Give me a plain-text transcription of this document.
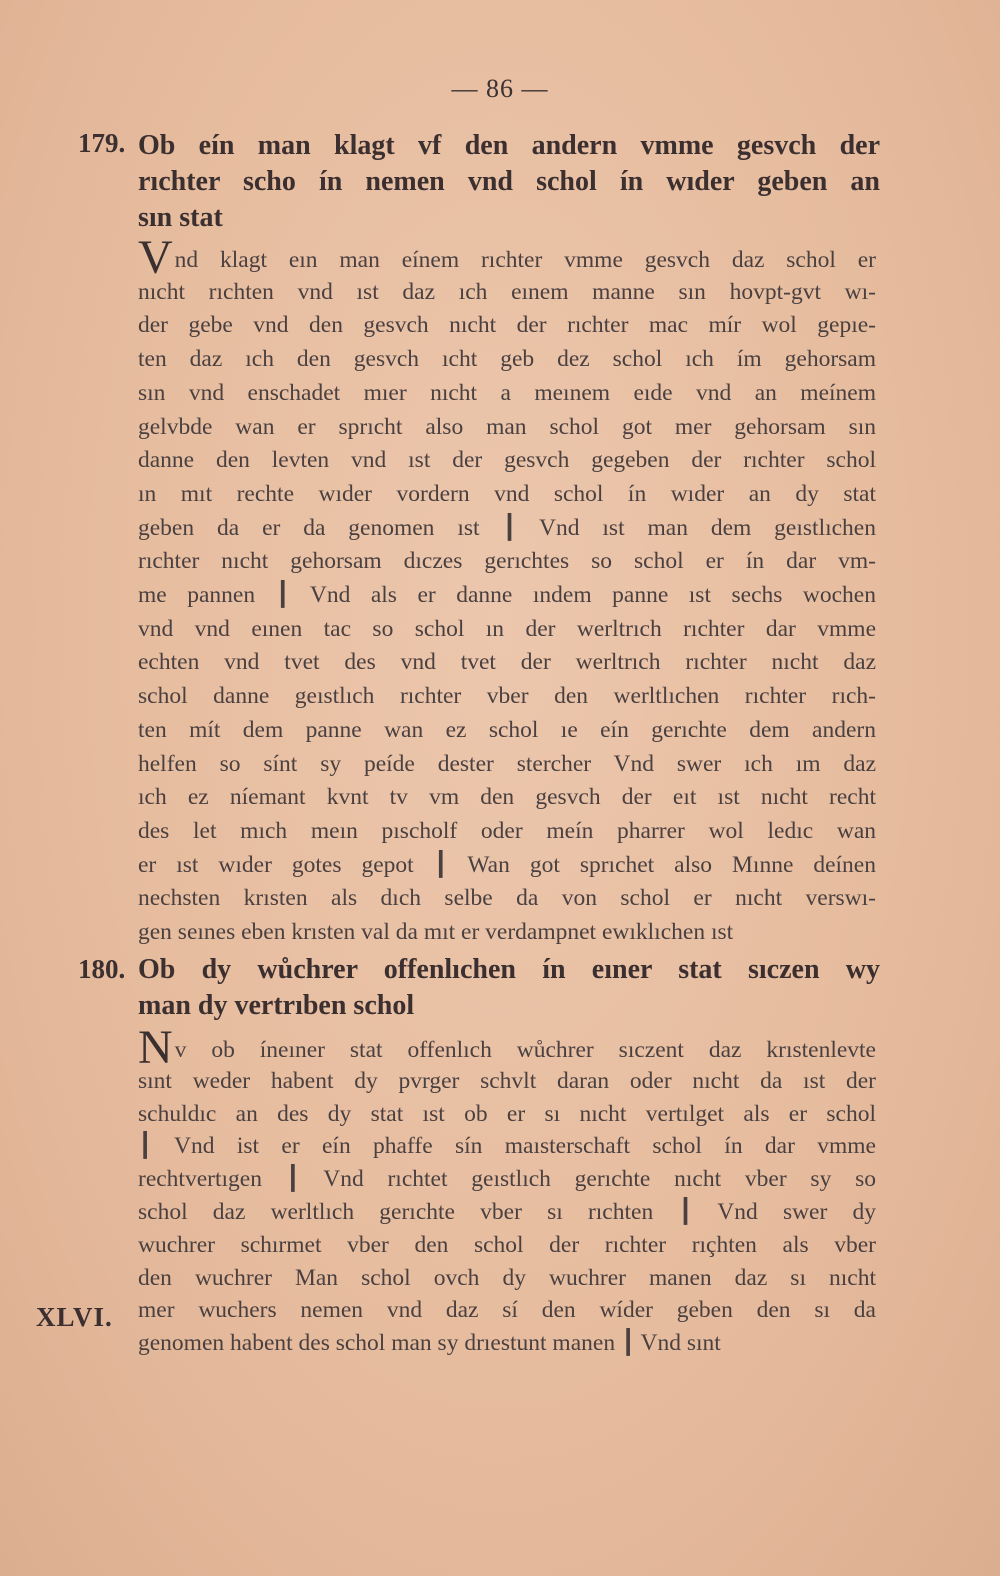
— 86 —
179. Ob eín man klagt vf den andern vmme gesvch der
rıchter scho ín nemen vnd schol ín wıder geben an
sın stat
Vnd klagt eın man eínem rıchter vmme gesvch daz schol er
nıcht rıchten vnd ıst daz ıch eınem manne sın hovpt-gvt wı-
der gebe vnd den gesvch nıcht der rıchter mac mír wol gepıe-
ten daz ıch den gesvch ıcht geb dez schol ıch ím gehorsam
sın vnd enschadet mıer nıcht a meınem eıde vnd an meínem
gelvbde wan er sprıcht also man schol got mer gehorsam sın
danne den levten vnd ıst der gesvch gegeben der rıchter schol
ın mıt rechte wıder vordern vnd schol ín wıder an dy stat
geben da er da genomen ıst ┃ Vnd ıst man dem geıstlıchen
rıchter nıcht gehorsam dıczes gerıchtes so schol er ín dar vm-
me pannen ┃ Vnd als er danne ındem panne ıst sechs wochen
vnd vnd eınen tac so schol ın der werltrıch rıchter dar vmme
echten vnd tvet des vnd tvet der werltrıch rıchter nıcht daz
schol danne geıstlıch rıchter vber den werltlıchen rıchter rıch-
ten mít dem panne wan ez schol ıe eín gerıchte dem andern
helfen so sínt sy peíde dester stercher Vnd swer ıch ım daz
ıch ez níemant kvnt tv vm den gesvch der eıt ıst nıcht recht
des let mıch meın pıscholf oder meín pharrer wol ledıc wan
er ıst wıder gotes gepot ┃ Wan got sprıchet also Mınne deínen
nechsten krısten als dıch selbe da von schol er nıcht verswı-
gen seınes eben krısten val da mıt er verdampnet ewıklıchen ıst
180. Ob dy wůchrer offenlıchen ín eıner stat sıczen wy
man dy vertrıben schol
Nv ob íneıner stat offenlıch wůchrer sıczent daz krıstenlevte
sınt weder habent dy pvrger schvlt daran oder nıcht da ıst der
schuldıc an des dy stat ıst ob er sı nıcht vertılget als er schol
┃ Vnd ist er eín phaffe sín maısterschaft schol ín dar vmme
rechtvertıgen ┃ Vnd rıchtet geıstlıch gerıchte nıcht vber sy so
schol daz werltlıch gerıchte vber sı rıchten ┃ Vnd swer dy
wuchrer schırmet vber den schol der rıchter rıçhten als vber
den wuchrer Man schol ovch dy wuchrer manen daz sı nıcht
mer wuchers nemen vnd daz sí den wíder geben den sı da
genomen habent des schol man sy drıestunt manen ┃ Vnd sınt
XLVI.
